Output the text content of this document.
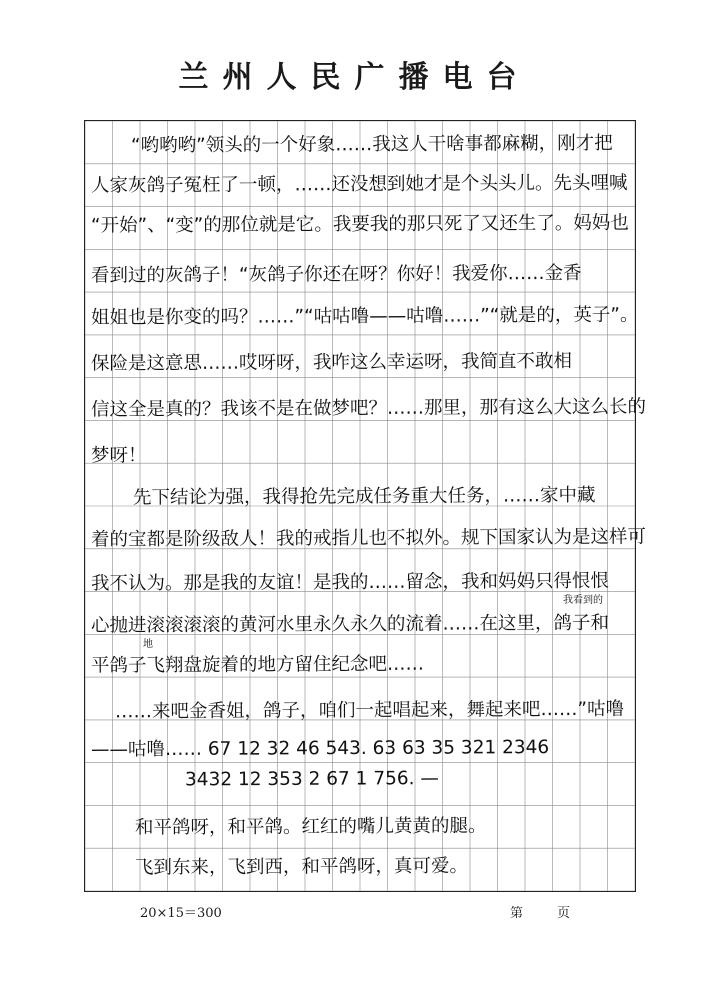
兰州人民广播电台
“哟哟哟”领头的一个好象……我这人干啥事都麻糊，刚才把
人家灰鸽子冤枉了一顿，……还没想到她才是个头头儿。先头哩喊
“开始”、“变”的那位就是它。我要我的那只死了又还生了。妈妈也
看到过的灰鸽子！“灰鸽子你还在呀？你好！我爱你……金香
姐姐也是你变的吗？……”“咕咕噜——咕噜……”“就是的，英子”。
保险是这意思……哎呀呀，我咋这么幸运呀，我简直不敢相
信这全是真的？我该不是在做梦吧？……那里，那有这么大这么长的
梦呀！
先下结论为强，我得抢先完成任务重大任务，……家中藏
着的宝都是阶级敌人！我的戒指儿也不拟外。规下国家认为是这样可
我不认为。那是我的友谊！是我的……留念，我和妈妈只得恨恨
心抛进滚滚滚滚的黄河水里永久永久的流着……在这里，鸽子和
平鸽子飞翔盘旋着的地方留住纪念吧……
……来吧金香姐，鸽子，咱们一起唱起来，舞起来吧……”咕噜
——咕噜…… 67 12 32 46 543. 63 63 35 321 2346
3432 12 353 2 67 1 756. —
和平鸽呀，和平鸽。红红的嘴儿黄黄的腿。
飞到东来，飞到西，和平鸽呀，真可爱。
我看到的
地
20×15＝300	第	页
